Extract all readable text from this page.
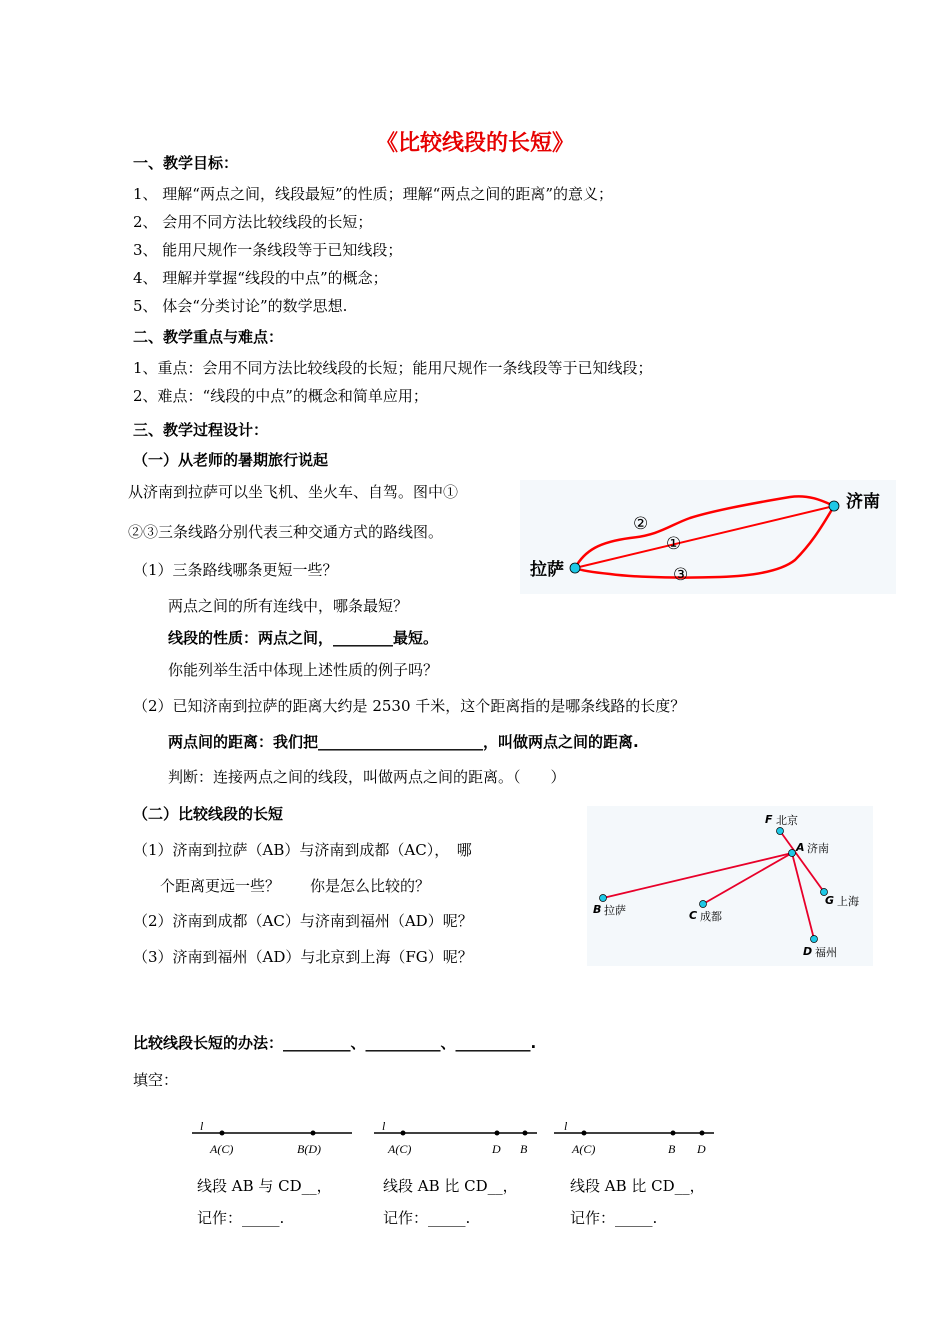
《比较线段的长短》
一、教学目标：
1、 理解“两点之间，线段最短”的性质；理解“两点之间的距离”的意义；
2、 会用不同方法比较线段的长短；
3、 能用尺规作一条线段等于已知线段；
4、 理解并掌握“线段的中点”的概念；
5、 体会“分类讨论”的数学思想.
二、教学重点与难点：
1、重点：会用不同方法比较线段的长短；能用尺规作一条线段等于已知线段；
2、难点：“线段的中点”的概念和简单应用；
三、教学过程设计：
（一）从老师的暑期旅行说起
从济南到拉萨可以坐飞机、坐火车、自驾。图中①
②③三条线路分别代表三种交通方式的路线图。
（1）三条路线哪条更短一些？
两点之间的所有连线中，哪条最短？
线段的性质：两点之间，________最短。
你能列举生活中体现上述性质的例子吗？
（2）已知济南到拉萨的距离大约是 2530 千米，这个距离指的是哪条线路的长度？
两点间的距离：我们把______________________，叫做两点之间的距离.
判断：连接两点之间的线段，叫做两点之间的距离。（　　）
（二）比较线段的长短
（1）济南到拉萨（AB）与济南到成都（AC），　哪
个距离更远一些？　　你是怎么比较的？
（2）济南到成都（AC）与济南到福州（AD）呢？
（3）济南到福州（AD）与北京到上海（FG）呢？
比较线段长短的办法：_________、__________、__________.
填空：
济南
拉萨
②
①
③
F 北京
A 济南
B 拉萨	C 成都
G 上海
D 福州
l
A(C)	B(D)
线段 AB 与 CD__，
记作：_____.
l
A(C)	D B
线段 AB 比 CD__，
记作：_____.
l
A(C)	B D
线段 AB 比 CD__，
记作：_____.
